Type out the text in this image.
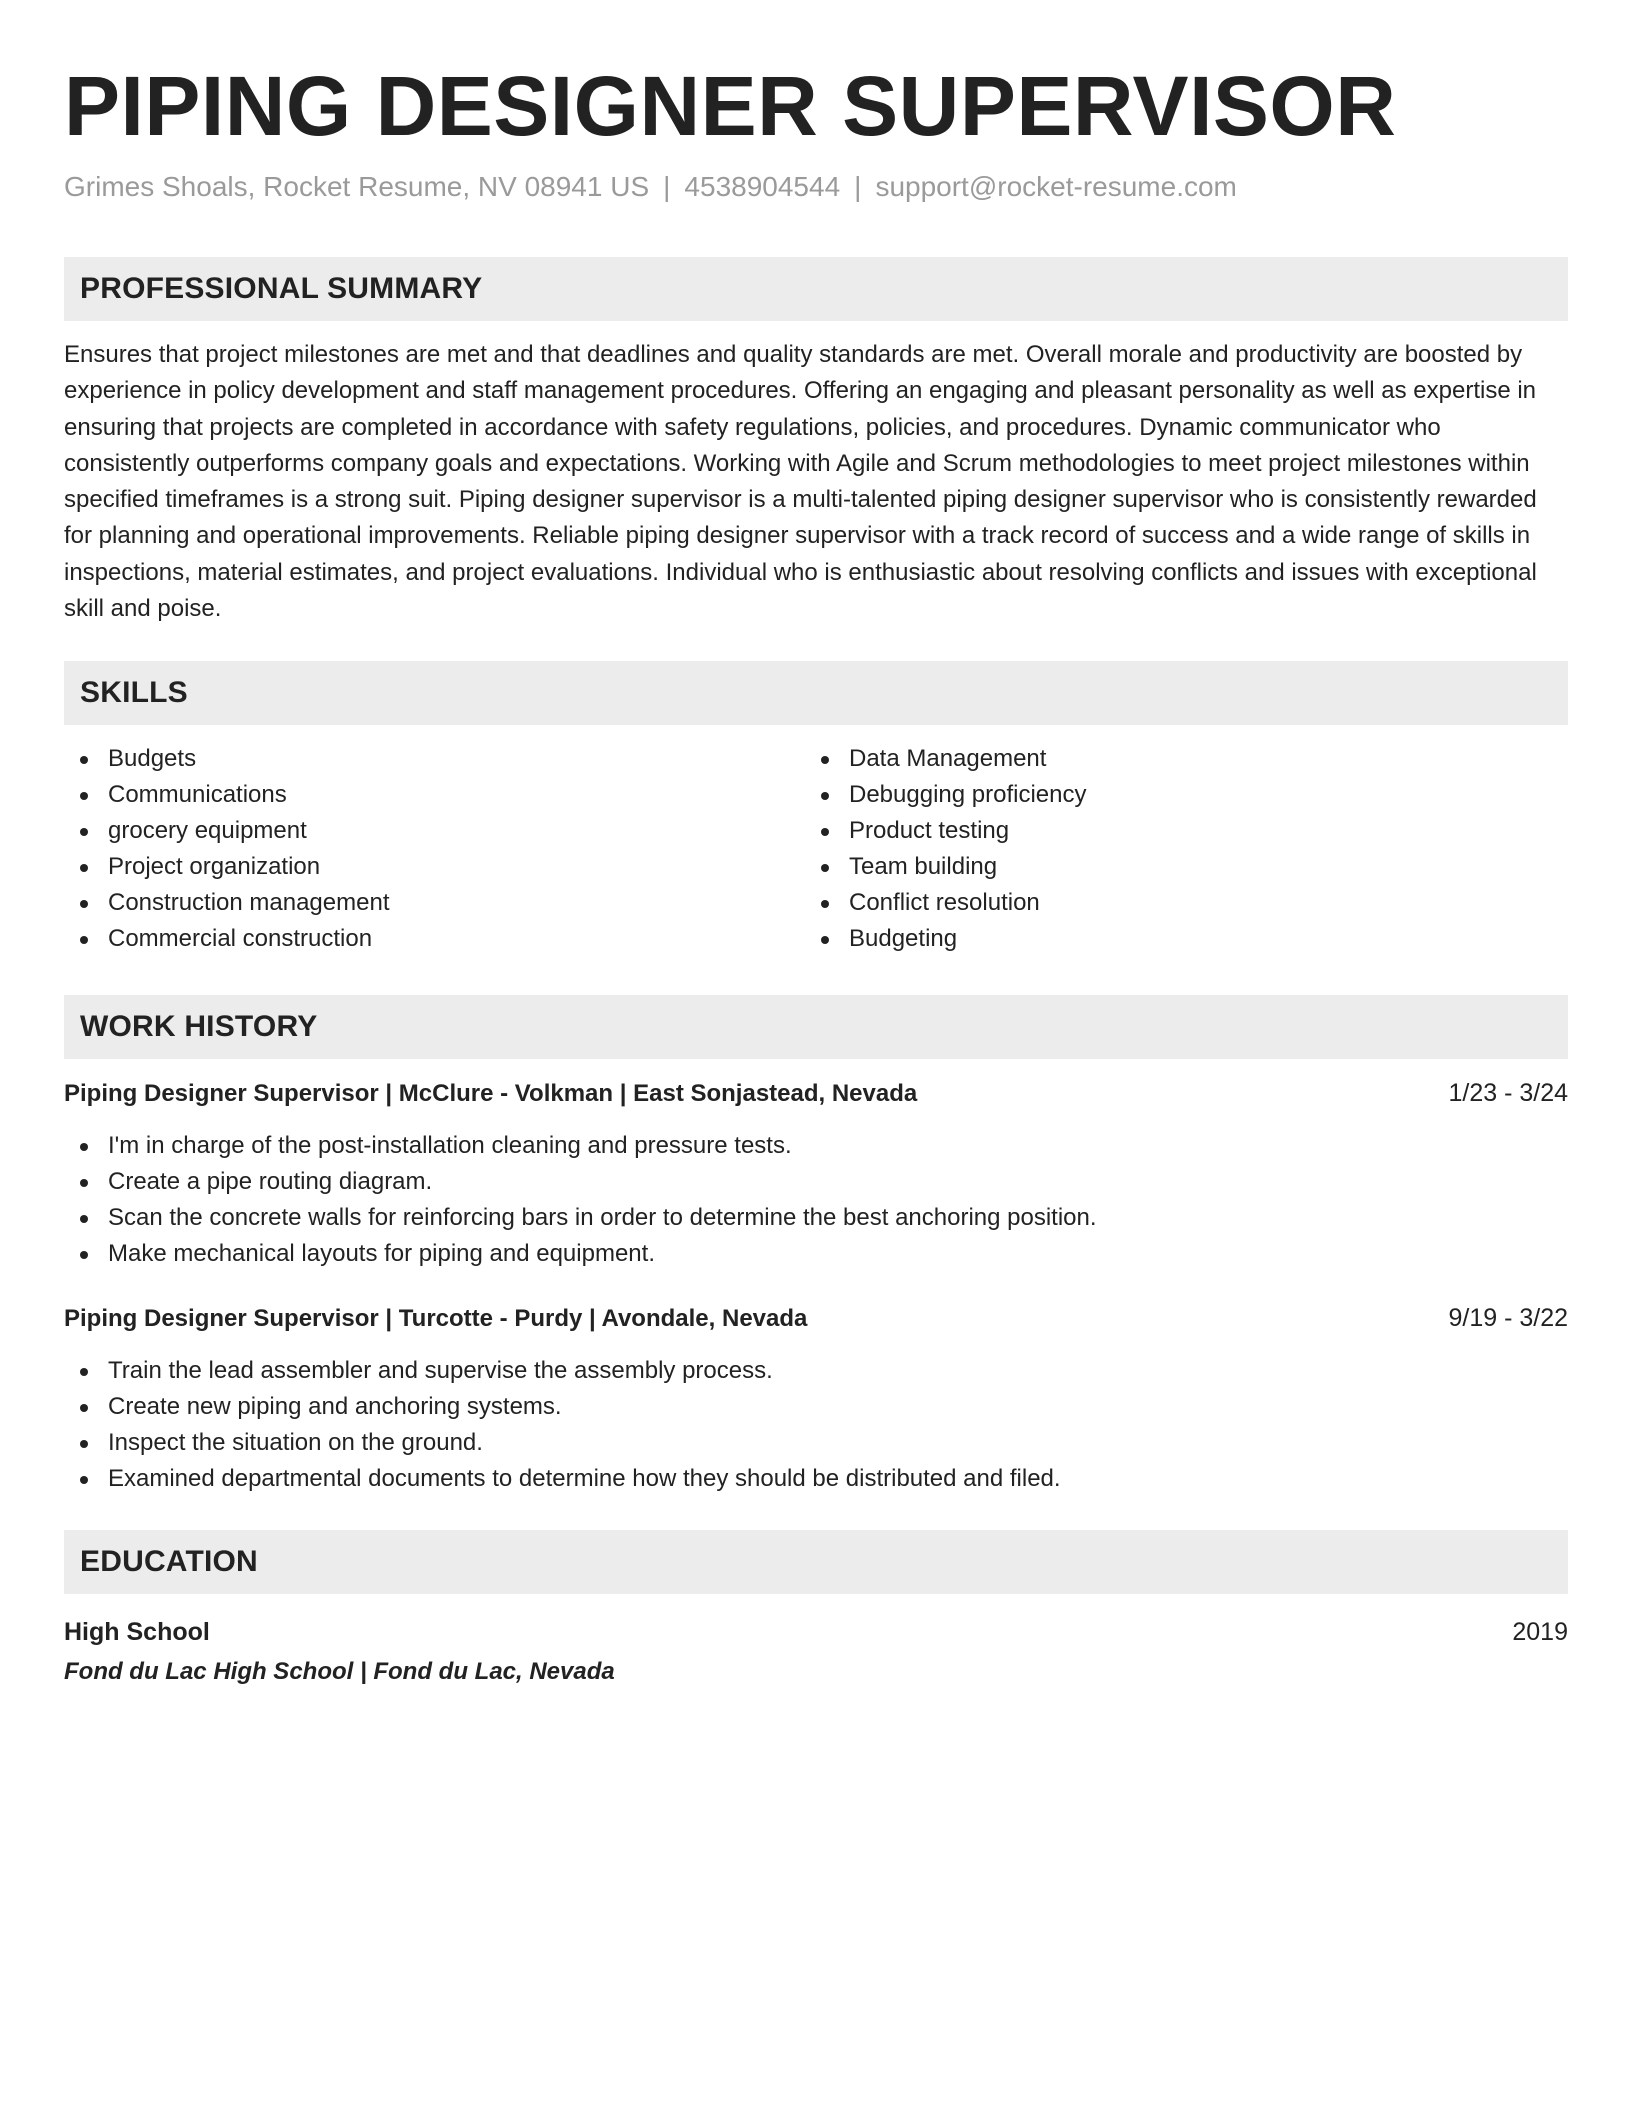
PIPING DESIGNER SUPERVISOR
Grimes Shoals, Rocket Resume, NV 08941 US | 4538904544 | support@rocket-resume.com
PROFESSIONAL SUMMARY

Ensures that project milestones are met and that deadlines and quality standards are met. Overall morale and productivity are boosted by experience in policy development and staff management procedures. Offering an engaging and pleasant personality as well as expertise in ensuring that projects are completed in accordance with safety regulations, policies, and procedures. Dynamic communicator who consistently outperforms company goals and expectations. Working with Agile and Scrum methodologies to meet project milestones within specified timeframes is a strong suit. Piping designer supervisor is a multi-talented piping designer supervisor who is consistently rewarded for planning and operational improvements. Reliable piping designer supervisor with a track record of success and a wide range of skills in inspections, material estimates, and project evaluations. Individual who is enthusiastic about resolving conflicts and issues with exceptional skill and poise.

SKILLS
Budgets
Communications
grocery equipment
Project organization
Construction management
Commercial construction
Data Management
Debugging proficiency
Product testing
Team building
Conflict resolution
Budgeting
WORK HISTORY
Piping Designer Supervisor | McClure - Volkman | East Sonjastead, Nevada	1/23 - 3/24
I'm in charge of the post-installation cleaning and pressure tests.
Create a pipe routing diagram.
Scan the concrete walls for reinforcing bars in order to determine the best anchoring position.
Make mechanical layouts for piping and equipment.
Piping Designer Supervisor | Turcotte - Purdy | Avondale, Nevada	9/19 - 3/22
Train the lead assembler and supervise the assembly process.
Create new piping and anchoring systems.
Inspect the situation on the ground.
Examined departmental documents to determine how they should be distributed and filed.
EDUCATION
High School	2019
Fond du Lac High School | Fond du Lac, Nevada
